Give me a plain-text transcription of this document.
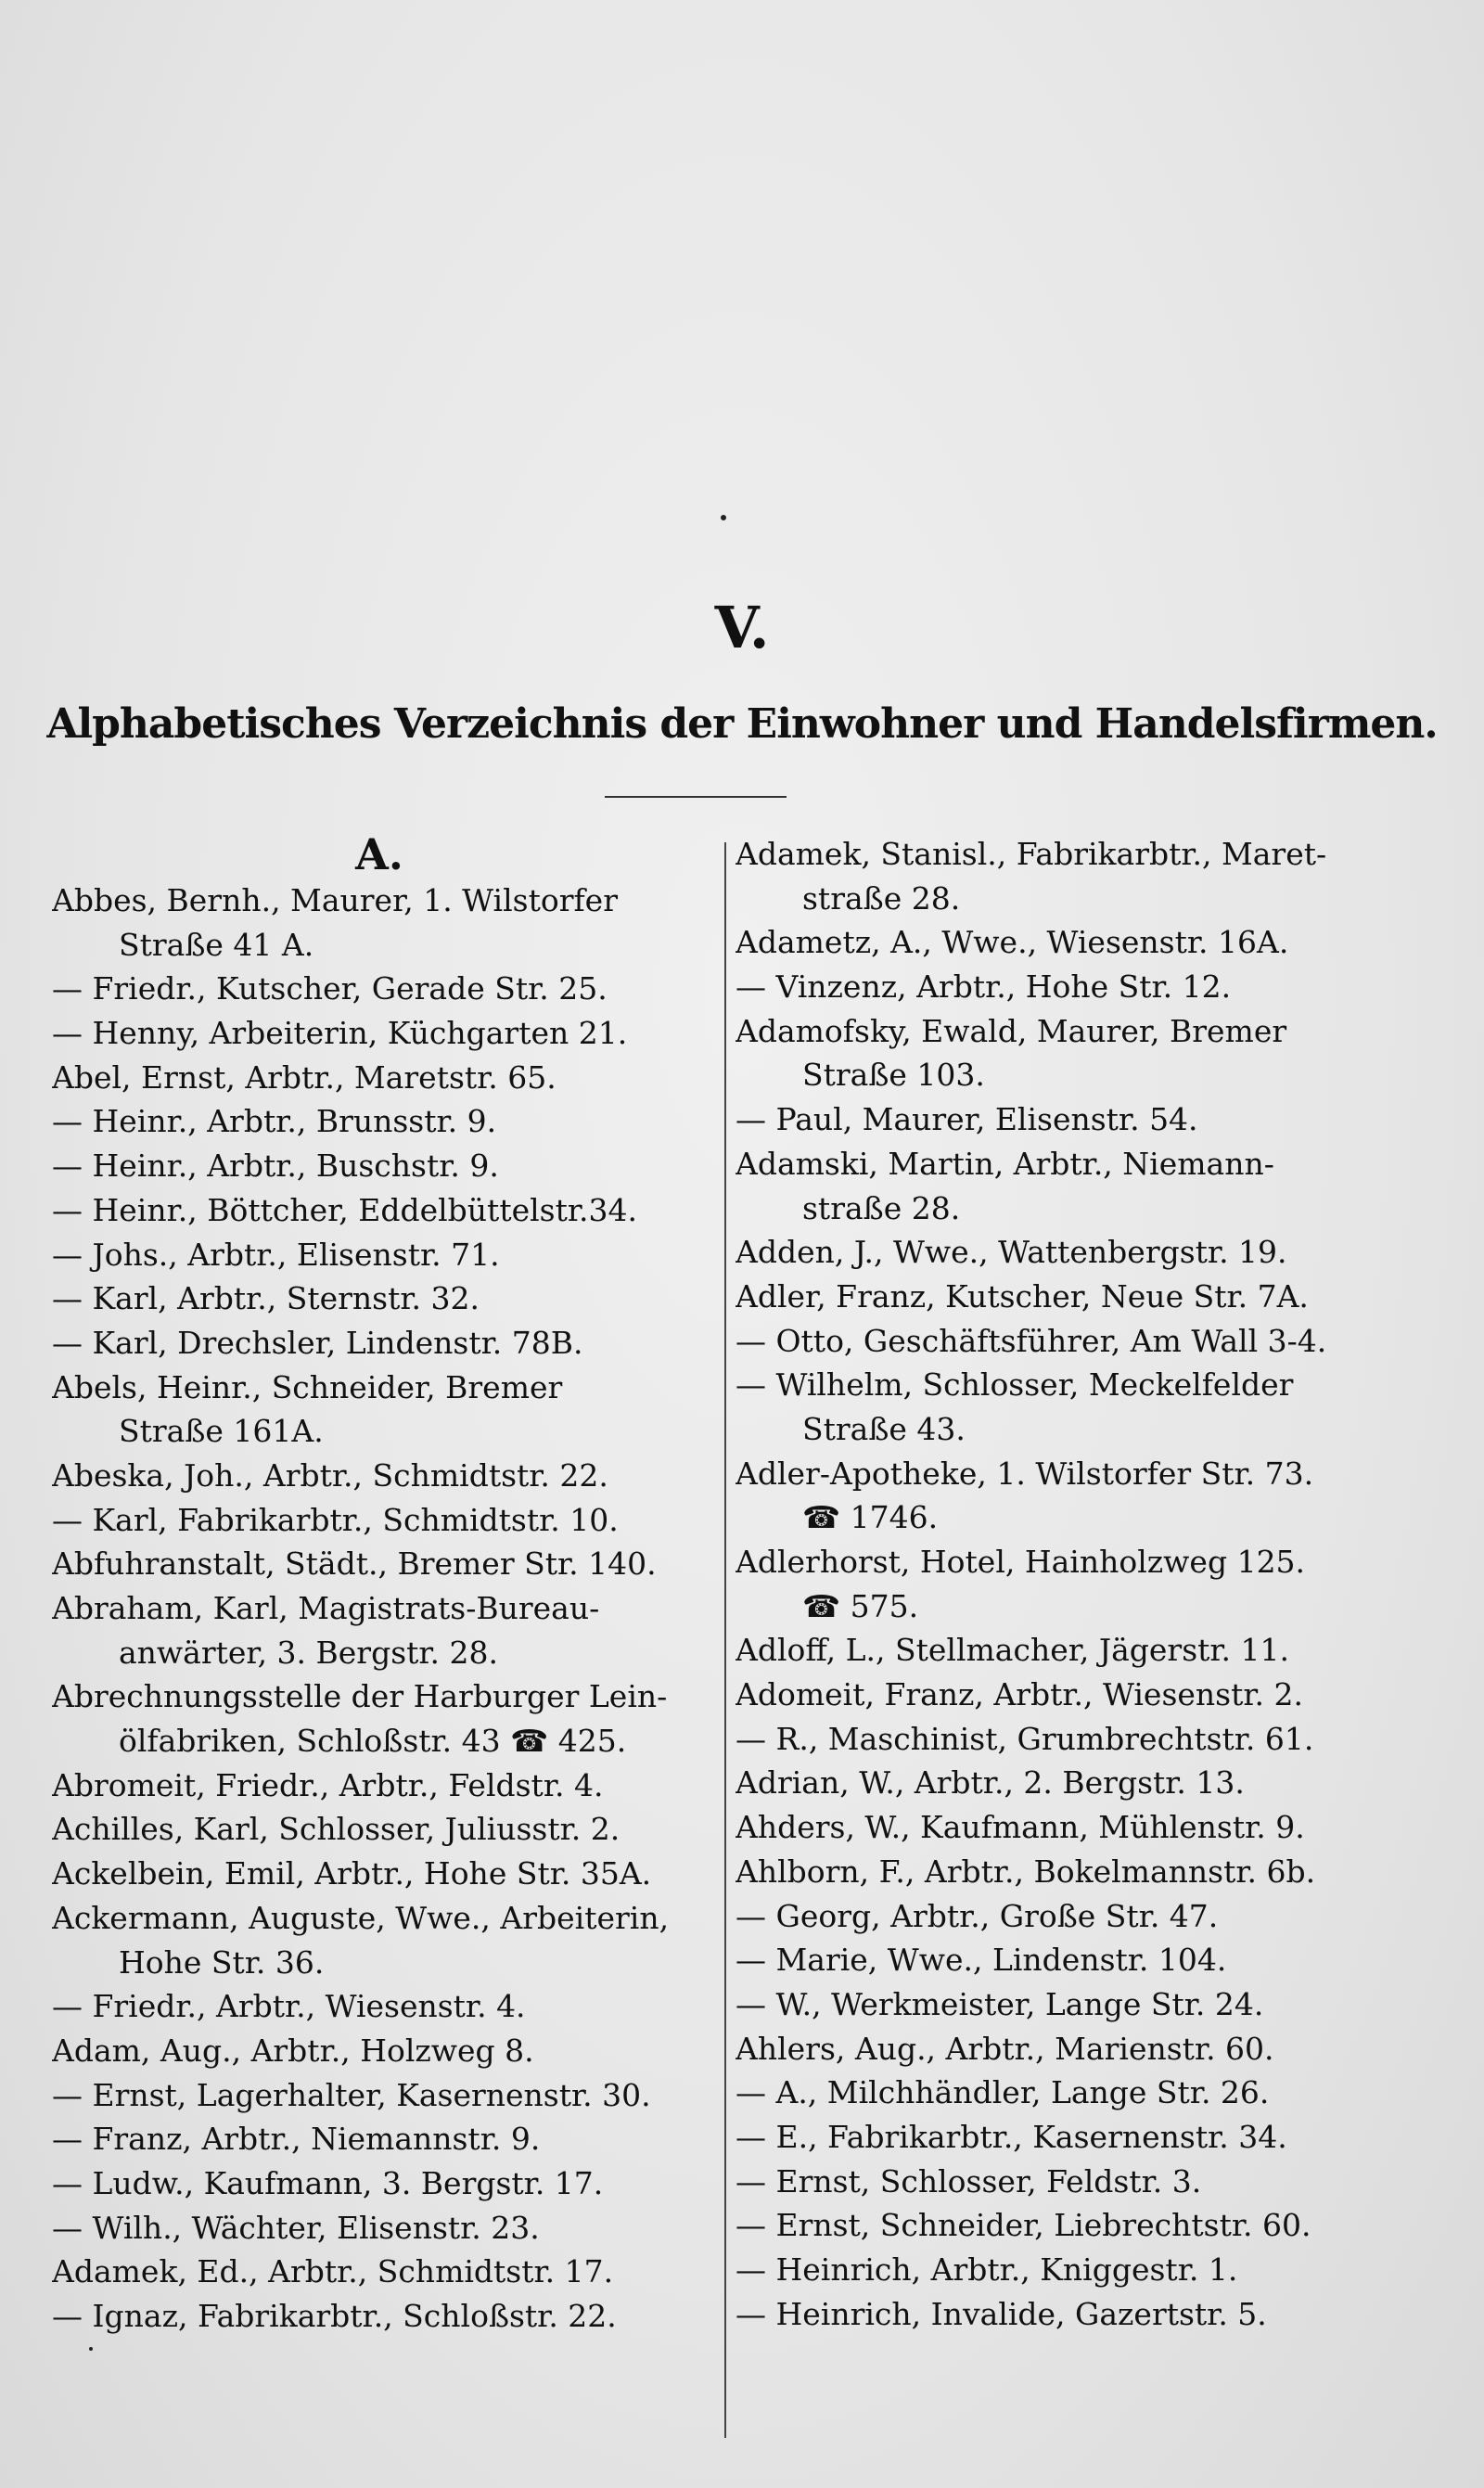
V.
Alphabetisches Verzeichnis der Einwohner und Handelsfirmen.
A.
Abbes, Bernh., Maurer, 1. Wilstorfer
Straße 41 A.
— Friedr., Kutscher, Gerade Str. 25.
— Henny, Arbeiterin, Küchgarten 21.
Abel, Ernst, Arbtr., Maretstr. 65.
— Heinr., Arbtr., Brunsstr. 9.
— Heinr., Arbtr., Buschstr. 9.
— Heinr., Böttcher, Eddelbüttelstr.34.
— Johs., Arbtr., Elisenstr. 71.
— Karl, Arbtr., Sternstr. 32.
— Karl, Drechsler, Lindenstr. 78B.
Abels, Heinr., Schneider, Bremer
Straße 161A.
Abeska, Joh., Arbtr., Schmidtstr. 22.
— Karl, Fabrikarbtr., Schmidtstr. 10.
Abfuhranstalt, Städt., Bremer Str. 140.
Abraham, Karl, Magistrats-Bureau-
anwärter, 3. Bergstr. 28.
Abrechnungsstelle der Harburger Lein-
ölfabriken, Schloßstr. 43 ☎ 425.
Abromeit, Friedr., Arbtr., Feldstr. 4.
Achilles, Karl, Schlosser, Juliusstr. 2.
Ackelbein, Emil, Arbtr., Hohe Str. 35A.
Ackermann, Auguste, Wwe., Arbeiterin,
Hohe Str. 36.
— Friedr., Arbtr., Wiesenstr. 4.
Adam, Aug., Arbtr., Holzweg 8.
— Ernst, Lagerhalter, Kasernenstr. 30.
— Franz, Arbtr., Niemannstr. 9.
— Ludw., Kaufmann, 3. Bergstr. 17.
— Wilh., Wächter, Elisenstr. 23.
Adamek, Ed., Arbtr., Schmidtstr. 17.
— Ignaz, Fabrikarbtr., Schloßstr. 22.
Adamek, Stanisl., Fabrikarbtr., Maret-
straße 28.
Adametz, A., Wwe., Wiesenstr. 16A.
— Vinzenz, Arbtr., Hohe Str. 12.
Adamofsky, Ewald, Maurer, Bremer
Straße 103.
— Paul, Maurer, Elisenstr. 54.
Adamski, Martin, Arbtr., Niemann-
straße 28.
Adden, J., Wwe., Wattenbergstr. 19.
Adler, Franz, Kutscher, Neue Str. 7A.
— Otto, Geschäftsführer, Am Wall 3-4.
— Wilhelm, Schlosser, Meckelfelder
Straße 43.
Adler-Apotheke, 1. Wilstorfer Str. 73.
☎ 1746.
Adlerhorst, Hotel, Hainholzweg 125.
☎ 575.
Adloff, L., Stellmacher, Jägerstr. 11.
Adomeit, Franz, Arbtr., Wiesenstr. 2.
— R., Maschinist, Grumbrechtstr. 61.
Adrian, W., Arbtr., 2. Bergstr. 13.
Ahders, W., Kaufmann, Mühlenstr. 9.
Ahlborn, F., Arbtr., Bokelmannstr. 6b.
— Georg, Arbtr., Große Str. 47.
— Marie, Wwe., Lindenstr. 104.
— W., Werkmeister, Lange Str. 24.
Ahlers, Aug., Arbtr., Marienstr. 60.
— A., Milchhändler, Lange Str. 26.
— E., Fabrikarbtr., Kasernenstr. 34.
— Ernst, Schlosser, Feldstr. 3.
— Ernst, Schneider, Liebrechtstr. 60.
— Heinrich, Arbtr., Kniggestr. 1.
— Heinrich, Invalide, Gazertstr. 5.
